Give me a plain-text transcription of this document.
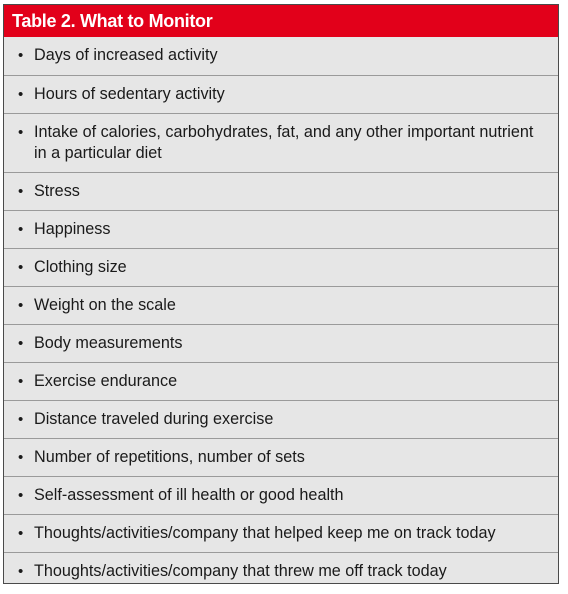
Table 2. What to Monitor
• Days of increased activity
• Hours of sedentary activity
• Intake of calories, carbohydrates, fat, and any other important nutrient in a particular diet
• Stress
• Happiness
• Clothing size
• Weight on the scale
• Body measurements
• Exercise endurance
• Distance traveled during exercise
• Number of repetitions, number of sets
• Self-assessment of ill health or good health
• Thoughts/activities/company that helped keep me on track today
• Thoughts/activities/company that threw me off track today
